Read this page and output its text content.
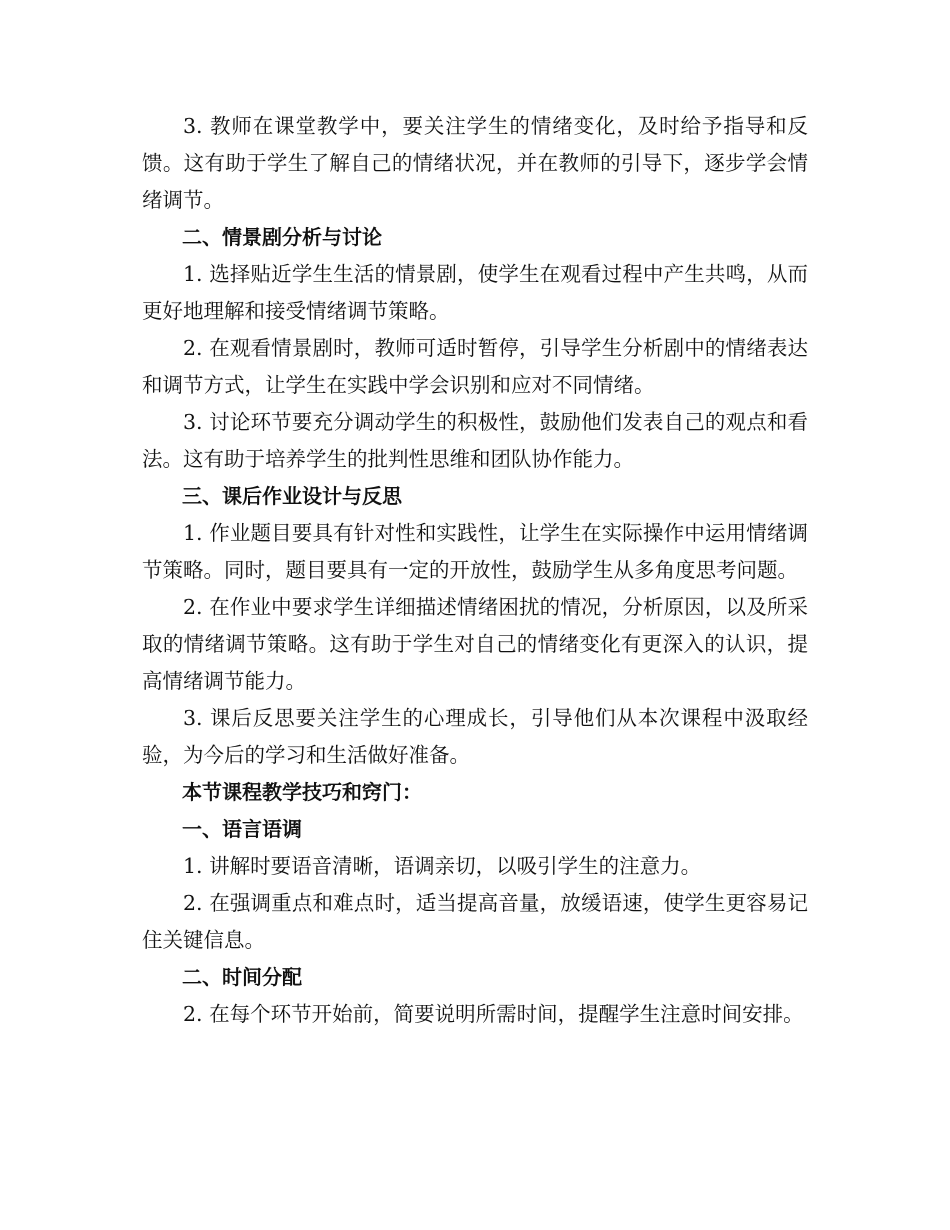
3. 教师在课堂教学中，要关注学生的情绪变化，及时给予指导和反馈。这有助于学生了解自己的情绪状况，并在教师的引导下，逐步学会情绪调节。

二、情景剧分析与讨论

1. 选择贴近学生生活的情景剧，使学生在观看过程中产生共鸣，从而更好地理解和接受情绪调节策略。

2. 在观看情景剧时，教师可适时暂停，引导学生分析剧中的情绪表达和调节方式，让学生在实践中学会识别和应对不同情绪。

3. 讨论环节要充分调动学生的积极性，鼓励他们发表自己的观点和看法。这有助于培养学生的批判性思维和团队协作能力。

三、课后作业设计与反思

1. 作业题目要具有针对性和实践性，让学生在实际操作中运用情绪调节策略。同时，题目要具有一定的开放性，鼓励学生从多角度思考问题。

2. 在作业中要求学生详细描述情绪困扰的情况，分析原因，以及所采取的情绪调节策略。这有助于学生对自己的情绪变化有更深入的认识，提高情绪调节能力。

3. 课后反思要关注学生的心理成长，引导他们从本次课程中汲取经验，为今后的学习和生活做好准备。

本节课程教学技巧和窍门：

一、语言语调

1. 讲解时要语音清晰，语调亲切，以吸引学生的注意力。

2. 在强调重点和难点时，适当提高音量，放缓语速，使学生更容易记住关键信息。

二、时间分配

2. 在每个环节开始前，简要说明所需时间，提醒学生注意时间安排。
